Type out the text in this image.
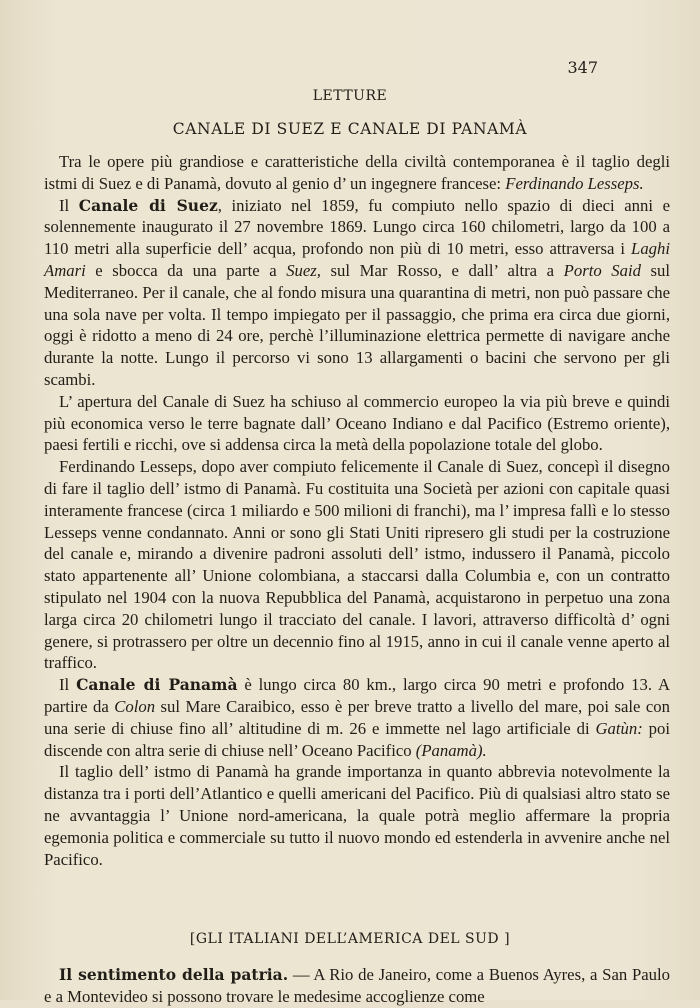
347
LETTURE
CANALE DI SUEZ E CANALE DI PANAMÀ

Tra le opere più grandiose e caratteristiche della civiltà contemporanea è il taglio degli istmi di Suez e di Panamà, dovuto al genio d’ un ingegnere francese: Ferdinando Lesseps.

Il Canale di Suez, iniziato nel 1859, fu compiuto nello spazio di dieci anni e solennemente inaugurato il 27 novembre 1869. Lungo circa 160 chilometri, largo da 100 a 110 metri alla superficie dell’ acqua, profondo non più di 10 metri, esso attraversa i Laghi Amari e sbocca da una parte a Suez, sul Mar Rosso, e dall’ altra a Porto Said sul Mediterraneo. Per il canale, che al fondo misura una quarantina di metri, non può passare che una sola nave per volta. Il tempo impiegato per il passaggio, che prima era circa due giorni, oggi è ridotto a meno di 24 ore, perchè l’illuminazione elettrica permette di navigare anche durante la notte. Lungo il percorso vi sono 13 allargamenti o bacini che servono per gli scambi.

L’ apertura del Canale di Suez ha schiuso al commercio europeo la via più breve e quindi più economica verso le terre bagnate dall’ Oceano Indiano e dal Pacifico (Estremo oriente), paesi fertili e ricchi, ove si addensa circa la metà della popolazione totale del globo.

Ferdinando Lesseps, dopo aver compiuto felicemente il Canale di Suez, concepì il disegno di fare il taglio dell’ istmo di Panamà. Fu costituita una Società per azioni con capitale quasi interamente francese (circa 1 miliardo e 500 milioni di franchi), ma l’ impresa fallì e lo stesso Lesseps venne condannato. Anni or sono gli Stati Uniti ripresero gli studi per la costruzione del canale e, mirando a divenire padroni assoluti dell’ istmo, indussero il Panamà, piccolo stato appartenente all’ Unione colombiana, a staccarsi dalla Columbia e, con un contratto stipulato nel 1904 con la nuova Repubblica del Panamà, acquistarono in perpetuo una zona larga circa 20 chilometri lungo il tracciato del canale. I lavori, attraverso difficoltà d’ ogni genere, si protrassero per oltre un decennio fino al 1915, anno in cui il canale venne aperto al traffico.

Il Canale di Panamà è lungo circa 80 km., largo circa 90 metri e profondo 13. A partire da Colon sul Mare Caraibico, esso è per breve tratto a livello del mare, poi sale con una serie di chiuse fino all’ altitudine di m. 26 e immette nel lago artificiale di Gatùn: poi discende con altra serie di chiuse nell’ Oceano Pacifico (Panamà).

Il taglio dell’ istmo di Panamà ha grande importanza in quanto abbrevia notevolmente la distanza tra i porti dell’Atlantico e quelli americani del Pacifico. Più di qualsiasi altro stato se ne avvantaggia l’ Unione nord-americana, la quale potrà meglio affermare la propria egemonia politica e commerciale su tutto il nuovo mondo ed estenderla in avvenire anche nel Pacifico.

[GLI ITALIANI DELL’AMERICA DEL SUD ]

Il sentimento della patria. — A Rio de Janeiro, come a Buenos Ayres, a San Paulo e a Montevideo si possono trovare le medesime accoglienze come
